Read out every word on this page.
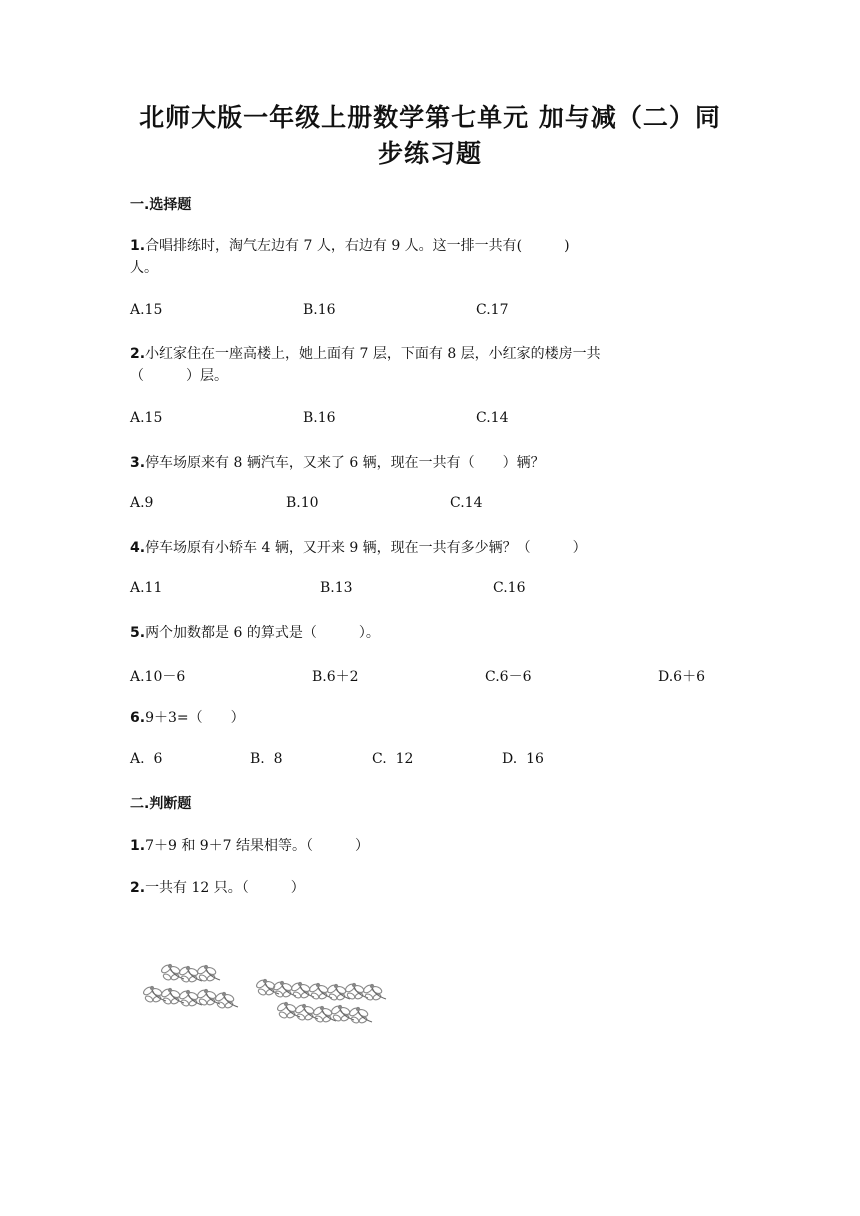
北师大版一年级上册数学第七单元 加与减（二）同
步练习题
一.选择题
1.合唱排练时，淘气左边有 7 人，右边有 9 人。这一排一共有(　　　)
人。
A.15	B.16	C.17
2.小红家住在一座高楼上，她上面有 7 层，下面有 8 层，小红家的楼房一共
（　　　）层。
A.15	B.16	C.14
3.停车场原来有 8 辆汽车，又来了 6 辆，现在一共有（　　）辆？
A.9	B.10	C.14
4.停车场原有小轿车 4 辆，又开来 9 辆，现在一共有多少辆？（　　　）
A.11	B.13	C.16
5.两个加数都是 6 的算式是（　　　）。
A.10－6	B.6＋2	C.6－6	D.6＋6
6.9＋3=（　　）
A.  6	B.  8	C.  12	D.  16
二.判断题
1.7＋9 和 9＋7 结果相等。（　　　）
2.一共有 12 只。（　　　）
